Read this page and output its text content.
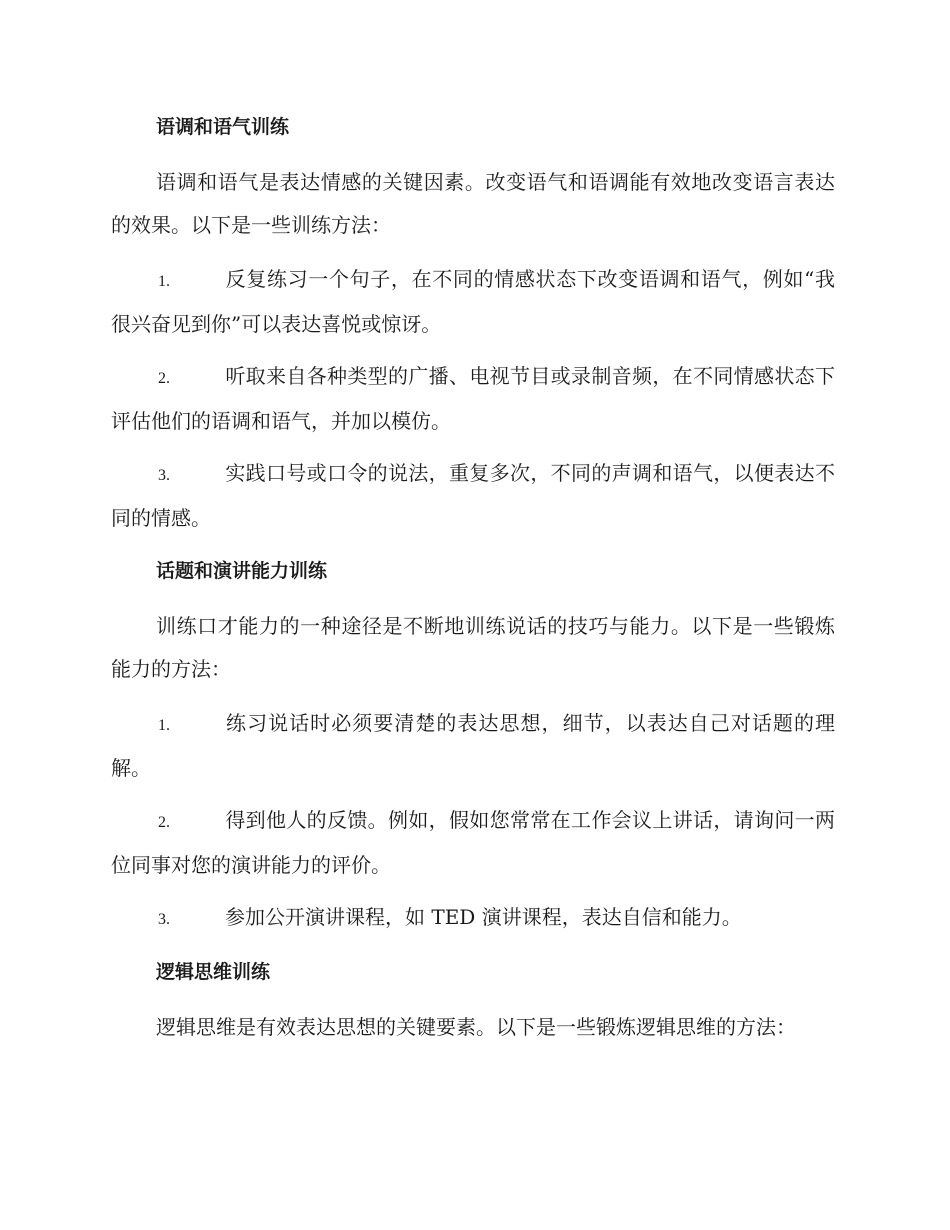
语调和语气训练

语调和语气是表达情感的关键因素。改变语气和语调能有效地改变语言表达的效果。以下是一些训练方法：

1.	反复练习一个句子，在不同的情感状态下改变语调和语气，例如“我很兴奋见到你”可以表达喜悦或惊讶。

2.	听取来自各种类型的广播、电视节目或录制音频，在不同情感状态下评估他们的语调和语气，并加以模仿。

3.	实践口号或口令的说法，重复多次，不同的声调和语气，以便表达不同的情感。

话题和演讲能力训练

训练口才能力的一种途径是不断地训练说话的技巧与能力。以下是一些锻炼能力的方法：

1.	练习说话时必须要清楚的表达思想，细节，以表达自己对话题的理解。

2.	得到他人的反馈。例如，假如您常常在工作会议上讲话，请询问一两位同事对您的演讲能力的评价。

3.	参加公开演讲课程，如 TED 演讲课程，表达自信和能力。

逻辑思维训练

逻辑思维是有效表达思想的关键要素。以下是一些锻炼逻辑思维的方法：
